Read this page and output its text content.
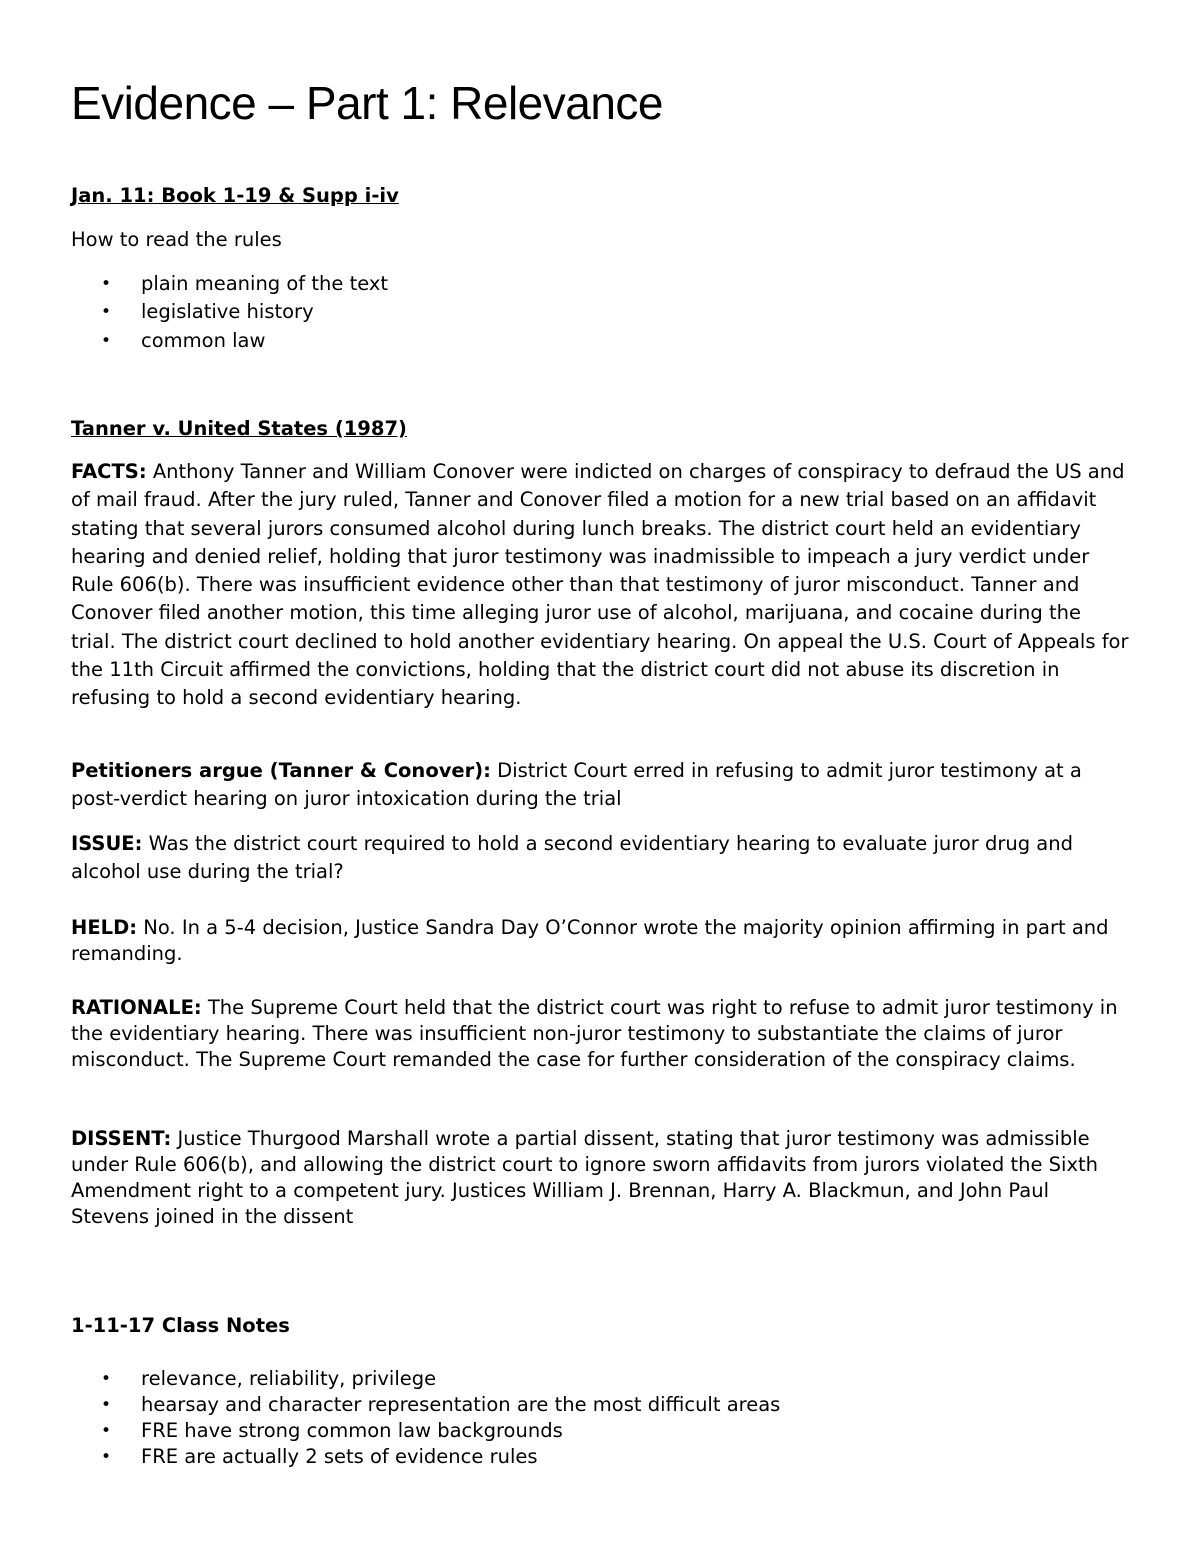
Evidence – Part 1: Relevance
Jan. 11: Book 1-19 & Supp i-iv
How to read the rules
• plain meaning of the text
• legislative history
• common law
Tanner v. United States (1987)

FACTS: Anthony Tanner and William Conover were indicted on charges of conspiracy to defraud the US and of mail fraud. After the jury ruled, Tanner and Conover filed a motion for a new trial based on an affidavit stating that several jurors consumed alcohol during lunch breaks. The district court held an evidentiary hearing and denied relief, holding that juror testimony was inadmissible to impeach a jury verdict under Rule 606(b). There was insufficient evidence other than that testimony of juror misconduct. Tanner and Conover filed another motion, this time alleging juror use of alcohol, marijuana, and cocaine during the trial. The district court declined to hold another evidentiary hearing. On appeal the U.S. Court of Appeals for the 11th Circuit affirmed the convictions, holding that the district court did not abuse its discretion in refusing to hold a second evidentiary hearing.

Petitioners argue (Tanner & Conover): District Court erred in refusing to admit juror testimony at a post-verdict hearing on juror intoxication during the trial

ISSUE: Was the district court required to hold a second evidentiary hearing to evaluate juror drug and alcohol use during the trial?

HELD: No. In a 5-4 decision, Justice Sandra Day O’Connor wrote the majority opinion affirming in part and remanding.

RATIONALE: The Supreme Court held that the district court was right to refuse to admit juror testimony in the evidentiary hearing. There was insufficient non-juror testimony to substantiate the claims of juror misconduct. The Supreme Court remanded the case for further consideration of the conspiracy claims.

DISSENT: Justice Thurgood Marshall wrote a partial dissent, stating that juror testimony was admissible under Rule 606(b), and allowing the district court to ignore sworn affidavits from jurors violated the Sixth Amendment right to a competent jury. Justices William J. Brennan, Harry A. Blackmun, and John Paul Stevens joined in the dissent

1-11-17 Class Notes
• relevance, reliability, privilege
• hearsay and character representation are the most difficult areas
• FRE have strong common law backgrounds
• FRE are actually 2 sets of evidence rules
